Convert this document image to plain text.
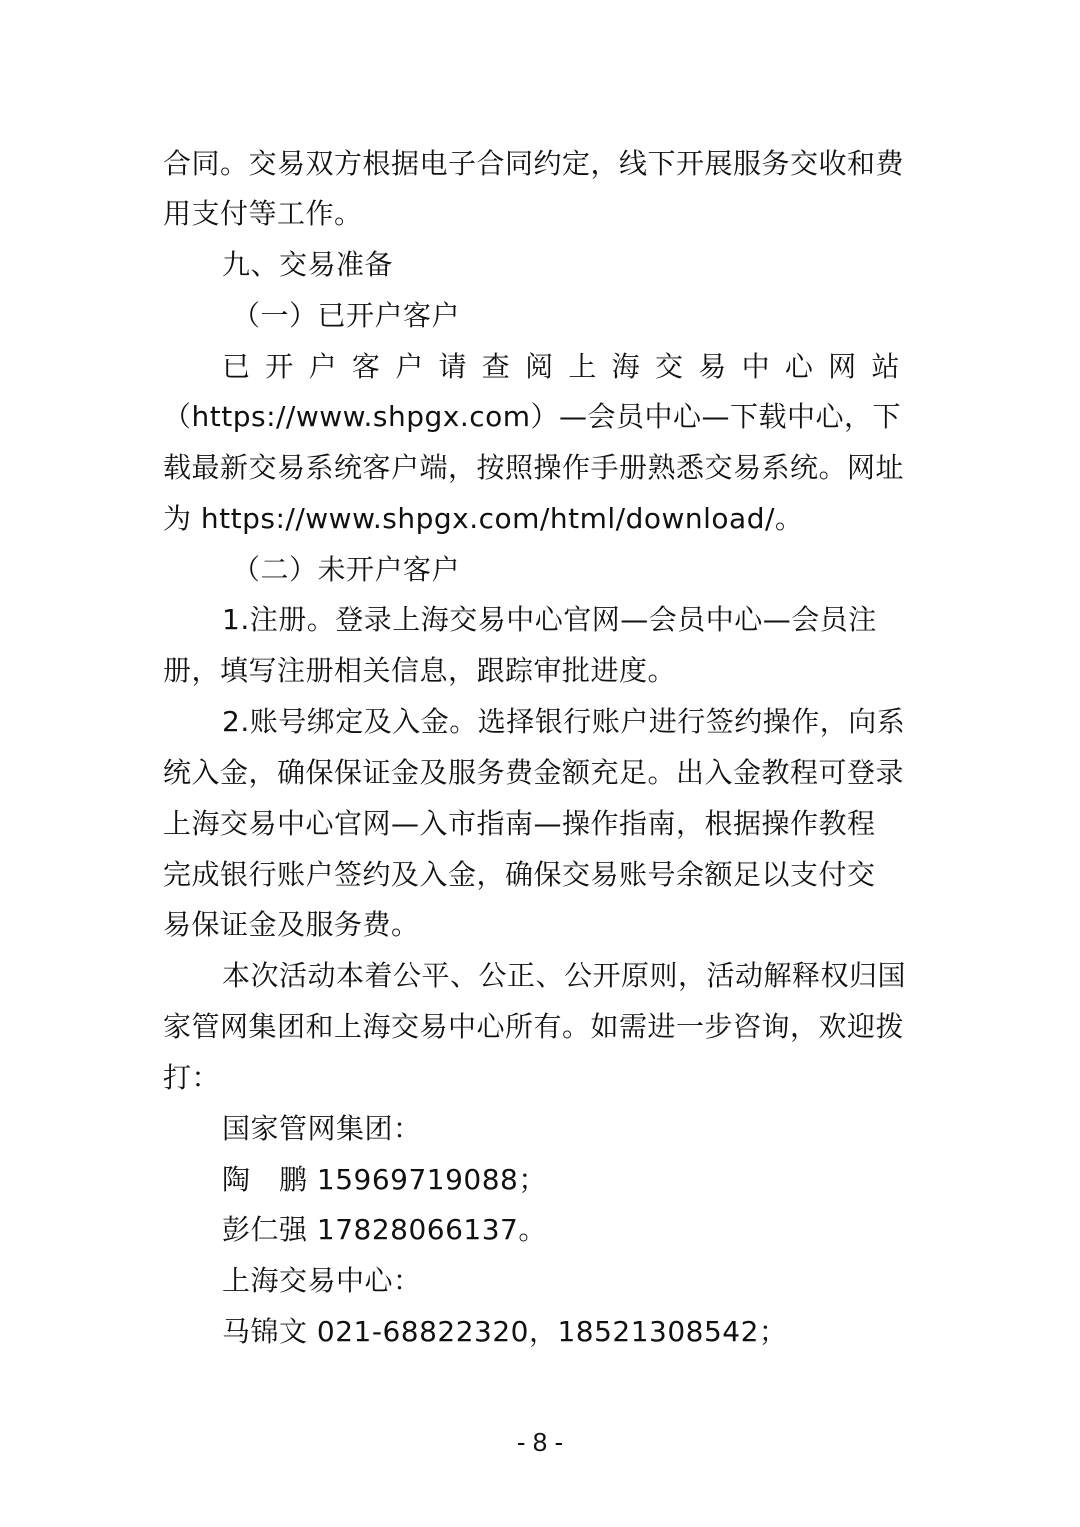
合同。交易双方根据电子合同约定，线下开展服务交收和费
用支付等工作。
九、交易准备
（一）已开户客户
已 开 户 客 户 请 查 阅 上 海 交 易 中 心 网 站
（https://www.shpgx.com）—会员中心—下载中心，下
载最新交易系统客户端，按照操作手册熟悉交易系统。网址
为 https://www.shpgx.com/html/download/。
（二）未开户客户
1.注册。登录上海交易中心官网—会员中心—会员注
册，填写注册相关信息，跟踪审批进度。
2.账号绑定及入金。选择银行账户进行签约操作，向系
统入金，确保保证金及服务费金额充足。出入金教程可登录
上海交易中心官网—入市指南—操作指南，根据操作教程
完成银行账户签约及入金，确保交易账号余额足以支付交
易保证金及服务费。
本次活动本着公平、公正、公开原则，活动解释权归国
家管网集团和上海交易中心所有。如需进一步咨询，欢迎拨
打：
国家管网集团：
陶　鹏 15969719088；
彭仁强 17828066137。
上海交易中心：
马锦文 021-68822320，18521308542；
- 8 -
